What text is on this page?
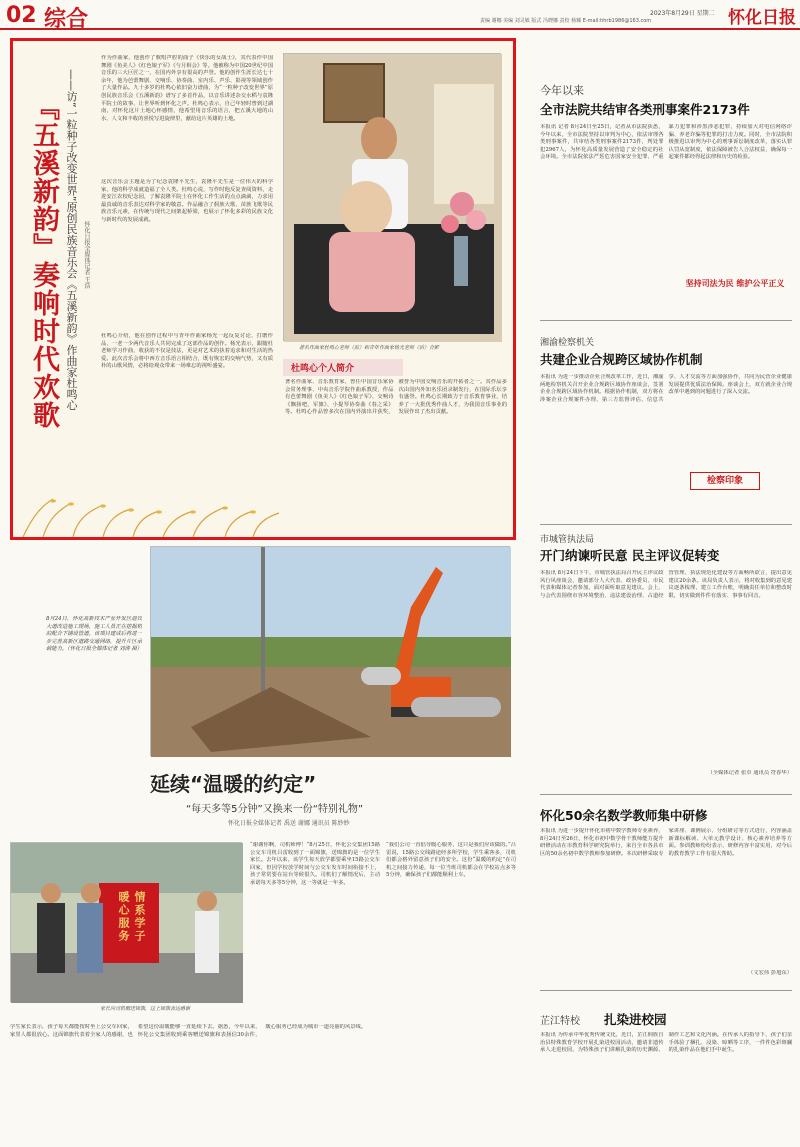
02 综合	责编 谢娜 美编 刘灵敏 版式 冯晓娜 责校 杨臻 E-mail:hhrb1986@163.com
2023年8月29日 星期二 怀化日报
『五溪新韵』奏响时代欢歌 ——访“一粒种子改变世界”原创民族音乐会《五溪新韵》作曲家杜鸣心 怀化日报全媒体记者 王浩
作为作曲家，他创作了歌唱声腔的曲子《快乐的女战士》，其代表作中国舞剧《鱼美人》《红色娘子军》《与月相会》等。他被称为中国20世纪中国音乐的三大巨匠之一，在国内外享有很高的声誉。他的创作生涯长达七十余年，他为芭蕾舞剧、交响乐、协奏曲、室内乐、声乐、影视等领域创作了大量作品。九十多岁的杜鸣心依旧奋力谱曲，为“一粒种子改变世界”原创民族音乐会《五溪新韵》谱写了多首作品，以音乐讲述杂交水稻与袁隆平院士的故事，让世界听到怀化之声。杜鸣心表示，自己年轻时曾到过湖南，对怀化这片土地心怀感情，他希望用音乐的语言，把五溪大地的山水、人文和丰收的喜悦写进旋律里，献给这片英雄的土地。
这次音乐会主题是为了纪念袁隆平先生，袁隆平先生是一位伟大的科学家，他的科学成就造福了全人类。杜鸣心说，写作时他反复查阅资料，走进安江农校纪念园，了解袁隆平院士在怀化工作生活的点点滴滴，力求用最真诚的音乐表达对科学家的敬意。作品融合了侗族大歌、苗族飞歌等民族音乐元素，在传统与现代之间架起桥梁，也展示了怀化多彩的民族文化与新时代的发展成就。
杜鸣心介绍，他在创作过程中与青年作曲家杨光一起反复讨论、打磨作品，一老一少两代音乐人共同完成了这部作品的创作。杨光表示，跟随杜老师学习作曲，收获的不仅是技法，更是对艺术的执着追求和对生活的热爱。此次音乐会将中西方音乐语言相结合，既有恢宏的交响气势，又有质朴的山歌风情，必将给观众带来一场难忘的视听盛宴。
著名作曲家杜鸣心老师（前）和青年作曲家杨光老师（后）合影
杜鸣心个人简介
著名作曲家、音乐教育家，曾任中国音乐家协会常务理事、中央音乐学院作曲系教授，作品有芭蕾舞剧《鱼美人》《红色娘子军》、交响诗《飘扬吧，军旗》、小提琴协奏曲《春之采》等。杜鸣心作品曾多次在国内外演出并获奖，被誉为中国交响音乐的开拓者之一。其作品多次由国内外知名乐团录制发行，在国际乐坛享有盛誉。杜鸣心长期致力于音乐教育事业，培养了一大批优秀作曲人才，为我国音乐事业的发展作出了杰出贡献。
今年以来
全市法院共结审各类刑事案件2173件
本报讯 记者 8月24日至25日，记者从市法院获悉，今年以来，全市法院坚持以审判为中心，依法审理各类刑事案件，共审结各类刑事案件2173件，判处罪犯2967人，为怀化高质量发展营造了安全稳定的社会环境。全市法院依法严惩危害国家安全犯罪、严重暴力犯罪和涉黑涉恶犯罪，持续加大对电信网络诈骗、养老诈骗等犯罪的打击力度。同时，全市法院积极推进以审判为中心的刑事诉讼制度改革，落实认罪认罚从宽制度，依法保障被告人合法权益，确保每一起案件都经得起法律和历史的检验。
坚持司法为民 维护公平正义
湘渝检察机关
共建企业合规跨区域协作机制
本报讯 为进一步推动企业合规改革工作，近日，湘渝两地检察机关召开企业合规跨区域协作座谈会，签署企业合规跨区域协作机制。根据协作机制，双方将在涉案企业合规案件办理、第三方监督评估、信息共享、人才交流等方面加强协作，共同为民营企业健康发展提供优质法治保障。座谈会上，双方就企业合规改革中遇到的问题进行了深入交流。
检察印象
市城管执法局
开门纳谏听民意 民主评议促转变
本报讯 8月24日下午，市城管执法局召开民主评议政风行风座谈会，邀请部分人大代表、政协委员、市民代表和媒体记者参加，面对面听取意见建议。会上，与会代表围绕市容环境整治、违法建设治理、占道经营管理、执法规范化建设等方面畅所欲言，提出意见建议20余条。该局负责人表示，将对收集到的意见建议逐条梳理，建立工作台账，明确责任单位和整改时限，切实做到件件有落实、事事有回音。
（全媒体记者 张卓 通讯员 符春华）
怀化50余名数学教师集中研修
本报讯 为进一步提升怀化市初中数学教师专业素养，8月24日至26日，怀化市初中数学骨干教师能力提升研修活动在市教育科学研究院举行，来自全市各县市区的50余名初中数学教师参加研修。本次研修采取专家讲座、课例展示、分组研讨等方式进行，内容涵盖新课标解读、大单元教学设计、核心素养培养等方面。参训教师纷纷表示，研修内容丰富实用，对今后的教育教学工作有很大帮助。
（文宏伟 彭旭东）
芷江特校 扎染进校园
本报讯 为传承中华优秀传统文化，近日，芷江侗族自治县特殊教育学校开展扎染进校园活动，邀请非遗传承人走进校园，为特殊孩子们讲解扎染的历史渊源、制作工艺和文化内涵。在传承人的指导下，孩子们亲手体验了捆扎、浸染、晾晒等工序，一件件色彩斑斓的扎染作品在他们手中诞生。
8月24日，怀化高新技术产业开发区迎宾大道改造施工现场，施工人员正在挖掘机的配合下铺设管道。该项目建成后将进一步完善高新区道路交通网络，提升片区承载能力。（怀化日报全媒体记者 刘涛 摄）
延续“温暖的约定”
“每天多等5分钟”又换来一份“特别礼物”
怀化日报全媒体记者 禹送 谢娜 通讯员 陈妙妙
情系学子 暖心服务
家长向司机赠送锦旗，这上锦旗表达感谢
“谢谢你啊，司机师傅！”8月25日，怀化公交集团15路公交车司机吕雷收到了一面锦旗，送锦旗的是一位学生家长。去年以来，该学生每天放学都要乘坐15路公交车回家，但因学校放学时间与公交车发车时间衔接不上，孩子常常要在站台等候很久。司机们了解情况后，主动承诺每天多等5分钟，这一等就是一年多。
“我们公司一直倡导暖心服务，这只是我们应该做的。”吕雷说，15路公交线路途经多所学校，学生乘客多，司机们都会格外留意孩子们的安全。这份“温暖的约定”在司机之间接力传递，每一位当班司机都会在学校站点多等5分钟，确保孩子们都能顺利上车。
学生家长表示，孩子每天都能按时坐上公交车回家，家里人都很放心。这面锦旗代表着全家人的感谢，也希望这份温暖能够一直延续下去。据悉，今年以来，怀化公交集团收到乘客赠送锦旗和表扬信30余件，暖心服务已经成为城市一道亮丽的风景线。
